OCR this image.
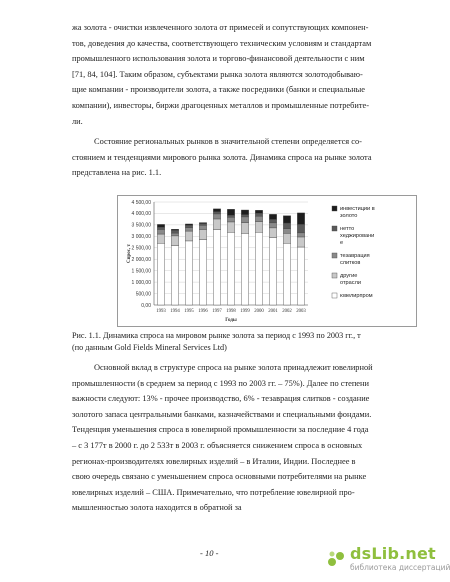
жа золота - очистки извлеченного золота от примесей и сопутствующих компонен-
тов, доведения до качества, соответствующего техническим условиям и стандартам
промышленного использования золота и торгово-финансовой деятельности с ним
[71, 84, 104]. Таким образом, субъектами рынка золота являются золотодобываю-
щие компании - производители золота, а также посредники (банки и специальные
компании), инвесторы, биржи драгоценных металлов и промышленные потребите-
ли.
Состояние региональных рынков в значительной степени определяется со-
стоянием и тенденциями мирового рынка золота. Динамика спроса на рынке золота
представлена на рис. 1.1.
0,00
500,00
1 000,00
1 500,00
2 000,00
2 500,00
3 000,00
3 500,00
4 000,00
4 500,00
1993 1994 1995 1996 1997 1998 1999 2000 2001 2002 2003
Годы
Спрос, т
инвестиции в
золото
нетто
хеджировани
е
тезаврация
слитков
другие
отрасли
ювелирпром
Рис. 1.1. Динамика спроса на мировом рынке золота за период с 1993 по 2003 гг., т
(по данным Gold Fields Mineral Services Ltd)
Основной вклад в структуре спроса на рынке золота принадлежит ювелирной
промышленности (в среднем за период с 1993 по 2003 гг. – 75%). Далее по степени
важности следуют: 13% - прочее производство, 6% - тезаврация слитков - создание
золотого запаса центральными банками, казначействами и специальными фондами.
Тенденция уменьшения спроса в ювелирной промышленности за последние 4 года
– с 3 177т в 2000 г. до 2 533т в 2003 г. объясняется снижением спроса в основных
регионах-производителях ювелирных изделий – в Италии, Индии. Последнее в
свою очередь связано с уменьшением спроса основными потребителями на рынке
ювелирных изделий – США. Примечательно, что потребление ювелирной про-
мышленностью золота находится в обратной за
- 10 -	dsLib.net
библиотека диссертаций
